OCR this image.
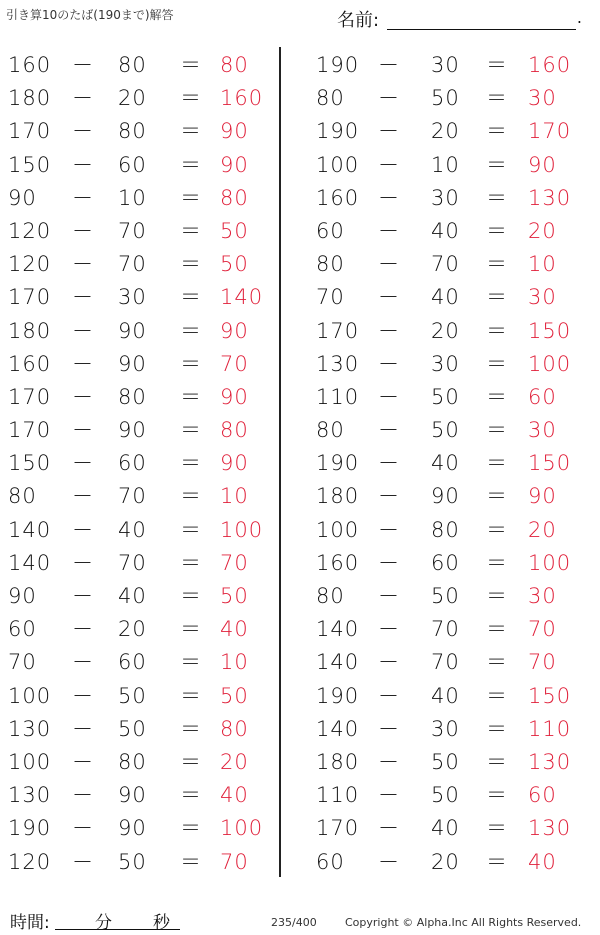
引き算10のたば(190まで)解答	名前:	.
160 － 80	＝ 80
180 － 20	＝ 160
170 － 80	＝ 90
150 － 60	＝ 90
90	－ 10	＝ 80
120 － 70	＝ 50
120 － 70	＝ 50
170 － 30	＝ 140
180 － 90	＝ 90
160 － 90	＝ 70
170 － 80	＝ 90
170 － 90	＝ 80
150 － 60	＝ 90
80	－ 70	＝ 10
140 － 40	＝ 100
140 － 70	＝ 70
90	－ 40	＝ 50
60	－ 20	＝ 40
70	－ 60	＝ 10
100 － 50	＝ 50
130 － 50	＝ 80
100 － 80	＝ 20
130 － 90	＝ 40
190 － 90	＝ 100
120 － 50	＝ 70
190 － 30	＝ 160
80	－ 50	＝ 30
190 － 20	＝ 170
100 － 10	＝ 90
160 － 30	＝ 130
60	－ 40	＝ 20
80	－ 70	＝ 10
70	－ 40	＝ 30
170 － 20	＝ 150
130 － 30	＝ 100
110 － 50	＝ 60
80	－ 50	＝ 30
190 － 40	＝ 150
180 － 90	＝ 90
100 － 80	＝ 20
160 － 60	＝ 100
80	－ 50	＝ 30
140 － 70	＝ 70
140 － 70	＝ 70
190 － 40	＝ 150
140 － 30	＝ 110
180 － 50	＝ 130
110 － 50	＝ 60
170 － 40	＝ 130
60	－ 20	＝ 40
時間:	分 秒	235/400	Copyright © Alpha.Inc All Rights Reserved.
